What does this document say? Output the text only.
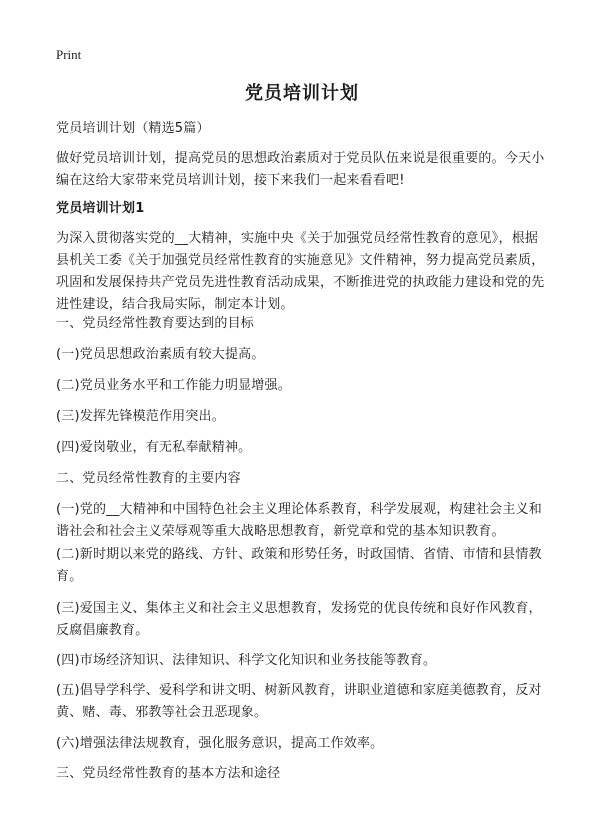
Print
党员培训计划
党员培训计划（精选5篇）
做好党员培训计划，提高党员的思想政治素质对于党员队伍来说是很重要的。今天小编在这给大家带来党员培训计划，接下来我们一起来看看吧!
党员培训计划1
为深入贯彻落实党的__大精神，实施中央《关于加强党员经常性教育的意见》，根据县机关工委《关于加强党员经常性教育的实施意见》文件精神，努力提高党员素质，巩固和发展保持共产党员先进性教育活动成果，不断推进党的执政能力建设和党的先进性建设，结合我局实际，制定本计划。
一、党员经常性教育要达到的目标
(一)党员思想政治素质有较大提高。
(二)党员业务水平和工作能力明显增强。
(三)发挥先锋模范作用突出。
(四)爱岗敬业，有无私奉献精神。
二、党员经常性教育的主要内容
(一)党的__大精神和中国特色社会主义理论体系教育，科学发展观，构建社会主义和谐社会和社会主义荣辱观等重大战略思想教育，新党章和党的基本知识教育。
(二)新时期以来党的路线、方针、政策和形势任务，时政国情、省情、市情和县情教育。
(三)爱国主义、集体主义和社会主义思想教育，发扬党的优良传统和良好作风教育，反腐倡廉教育。
(四)市场经济知识、法律知识、科学文化知识和业务技能等教育。
(五)倡导学科学、爱科学和讲文明、树新风教育，讲职业道德和家庭美德教育，反对黄、赌、毒、邪教等社会丑恶现象。
(六)增强法律法规教育，强化服务意识，提高工作效率。
三、党员经常性教育的基本方法和途径
